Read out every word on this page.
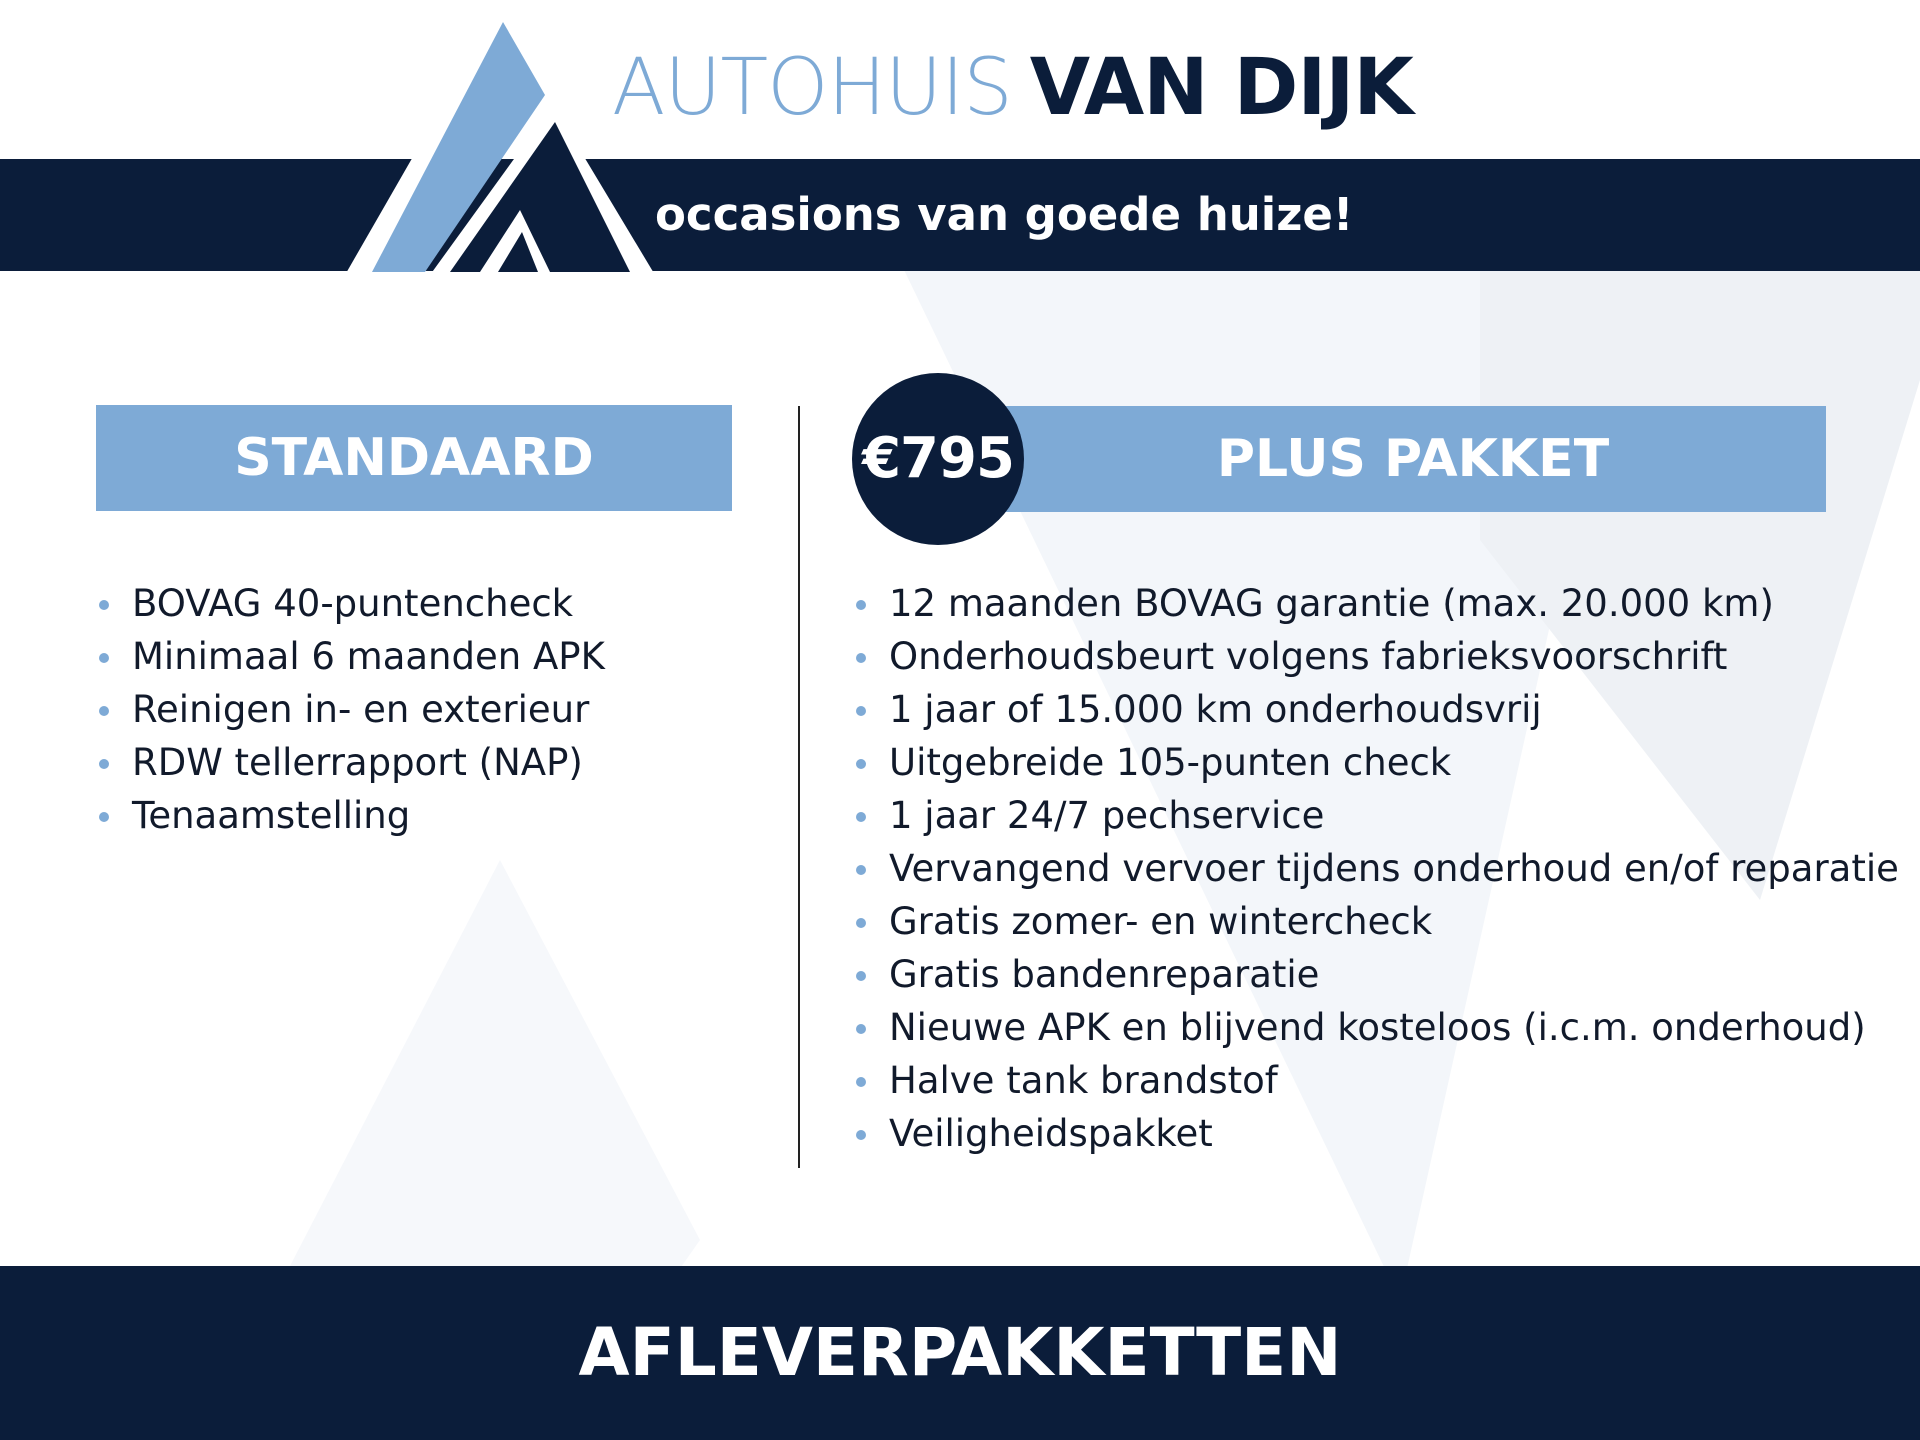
AUTOHUIS VAN DIJK
occasions van goede huize!
STANDAARD	PLUS PAKKET
€795
BOVAG 40-puntencheck
Minimaal 6 maanden APK
Reinigen in- en exterieur
RDW tellerrapport (NAP)
Tenaamstelling
12 maanden BOVAG garantie (max. 20.000 km)
Onderhoudsbeurt volgens fabrieksvoorschrift
1 jaar of 15.000 km onderhoudsvrij
Uitgebreide 105-punten check
1 jaar 24/7 pechservice
Vervangend vervoer tijdens onderhoud en/of reparatie
Gratis zomer- en wintercheck
Gratis bandenreparatie
Nieuwe APK en blijvend kosteloos (i.c.m. onderhoud)
Halve tank brandstof
Veiligheidspakket
AFLEVERPAKKETTEN
